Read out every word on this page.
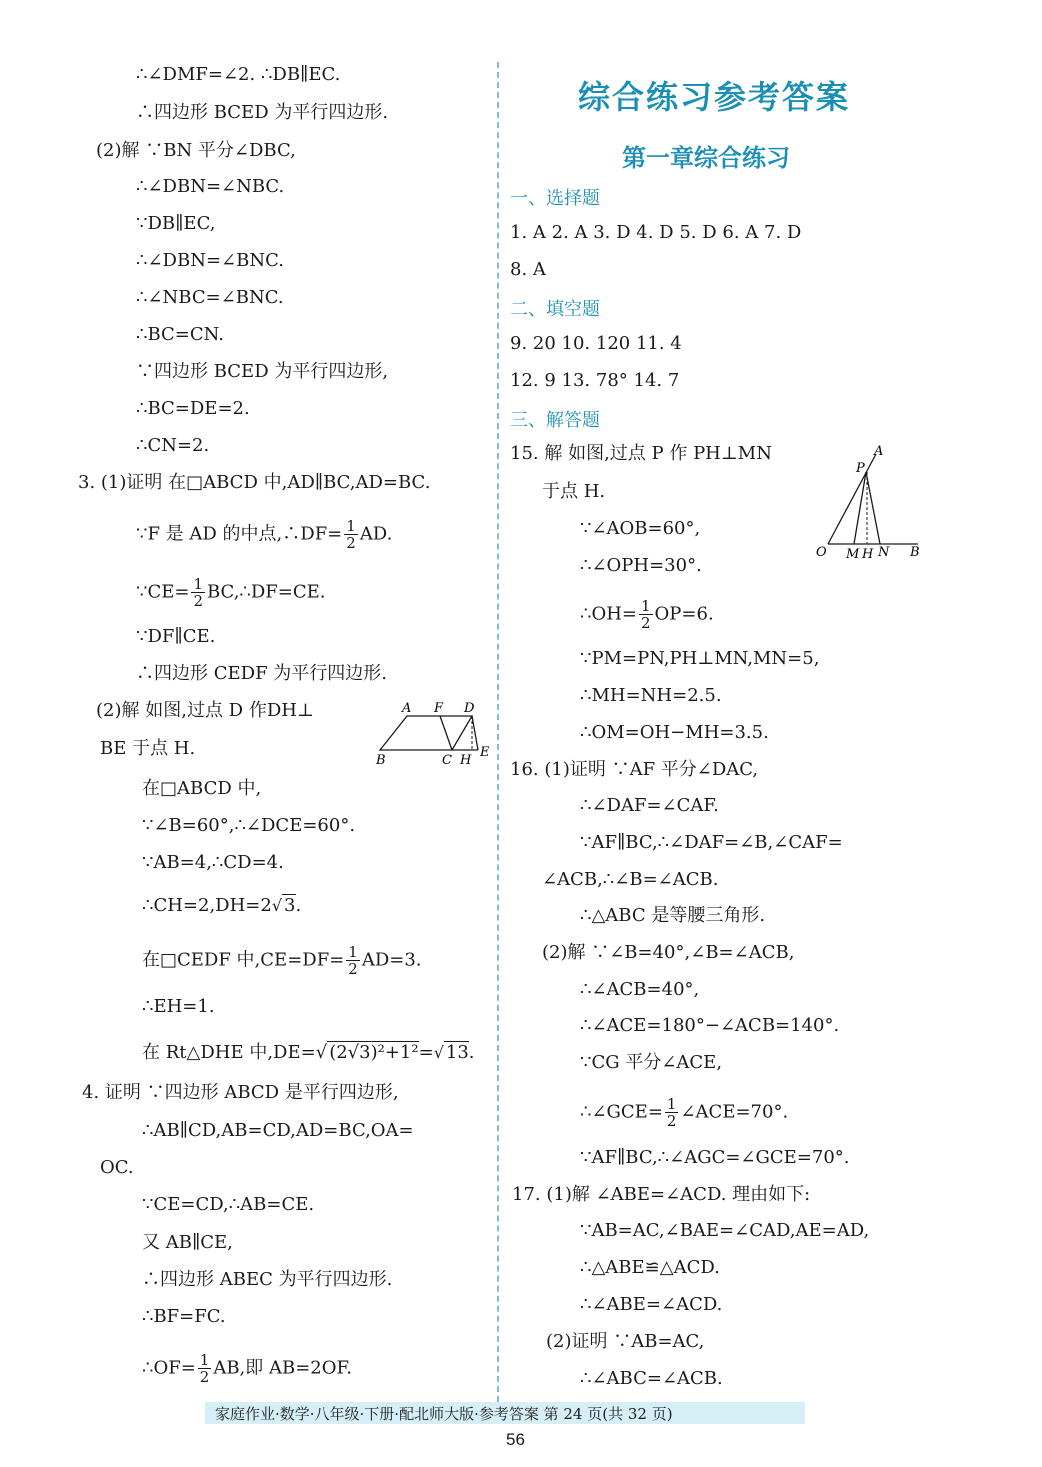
∴∠DMF=∠2. ∴DB∥EC.
∴四边形 BCED 为平行四边形.
(2)解 ∵BN 平分∠DBC,
∴∠DBN=∠NBC.
∵DB∥EC,
∴∠DBN=∠BNC.
∴∠NBC=∠BNC.
∴BC=CN.
∵四边形 BCED 为平行四边形,
∴BC=DE=2.
∴CN=2.
3. (1)证明 在□ABCD 中,AD∥BC,AD=BC.
∵F 是 AD 的中点,∴DF= $\frac{1}{2}$ AD.
∵CE= $\frac{1}{2}$ BC,∴DF=CE.
∵DF∥CE.
∴四边形 CEDF 为平行四边形.
(2)解 如图,过点 D 作DH⊥
BE 于点 H.
A F D
B	C H
E
在□ABCD 中,
∵∠B=60°,∴∠DCE=60°.
∵AB=4,∴CD=4.
∴CH=2,DH=2√ 3.
在□CEDF 中$,CE=DF= \frac{1}{2} AD=3$.
∴EH=1.
在 Rt△DHE 中,DE=√ (2√3)²+1²=√ 13.
4. 证明 ∵四边形 ABCD 是平行四边形,
∴AB∥CD,AB=CD,AD=BC,OA=
OC.
∵CE=CD,∴AB=CE.
又 AB∥CE,
∴四边形 ABEC 为平行四边形.
∴BF=FC.
∴OF= $\frac{1}{2}$ AB,即 AB=2OF.
综合练习参考答案
第一章综合练习
一、选择题
1. A 2. A 3. D 4. D 5. D 6. A 7. D
8. A
二、填空题
9. 20 10. 120 11. 4
12. 9 13. 78° 14. 7
三、解答题
15. 解 如图,过点 P 作 PH⊥MN
于点 H.
∵∠AOB=60°,
∴∠OPH=30°.
∴OH= $\frac{1}{2} OP=6$.
A
P
O M H N B
∵PM=PN,PH⊥MN,MN=5,
∴MH=NH=2.5.
∴OM=OH−MH=3.5.
16. (1)证明 ∵AF 平分∠DAC,
∴∠DAF=∠CAF.
∵AF∥BC,∴∠DAF=∠B,∠CAF=
∠ACB,∴∠B=∠ACB.
∴△ABC 是等腰三角形.
(2)解 ∵∠B=40°,∠B=∠ACB,
∴∠ACB=40°,
∴∠ACE=180°−∠ACB=140°.
∵CG 平分∠ACE,
∴∠GCE= $\frac{1}{2}$ ∠ACE=70°.
∵AF∥BC,∴∠AGC=∠GCE=70°.
17. (1)解 ∠ABE=∠ACD. 理由如下:
∵AB=AC,∠BAE=∠CAD,AE=AD,
∴△ABE≌△ACD.
∴∠ABE=∠ACD.
(2)证明 ∵AB=AC,
∴∠ABC=∠ACB.
家庭作业·数学·八年级·下册·配北师大版·参考答案 第 24 页(共 32 页)
56
